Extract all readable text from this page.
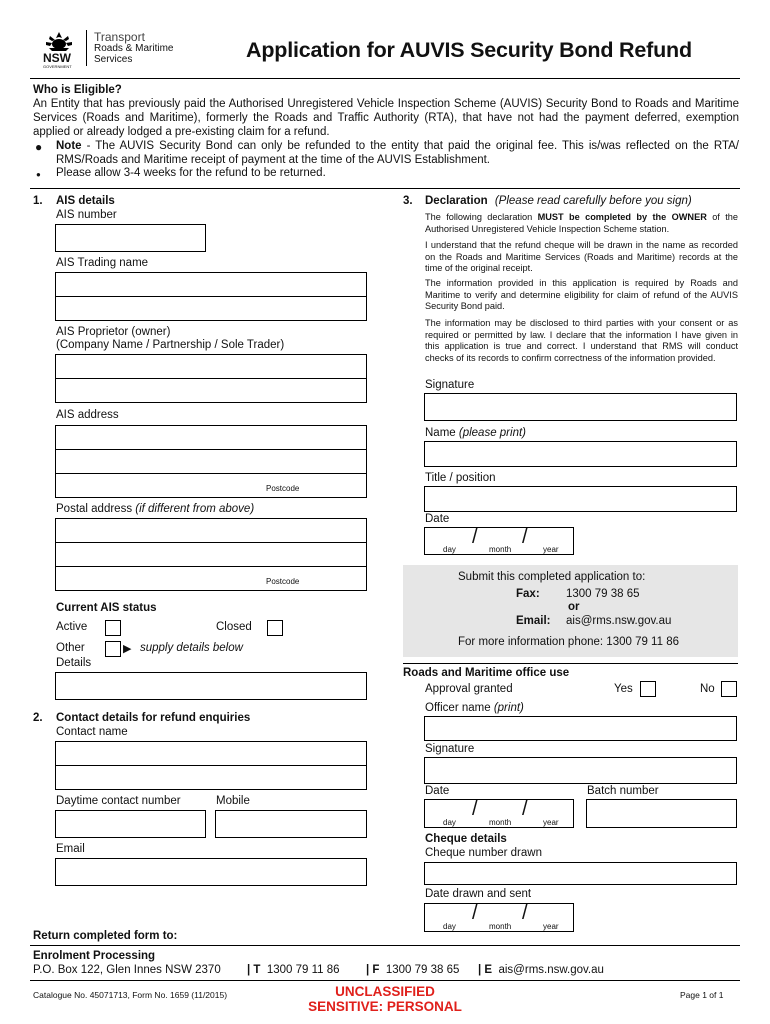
NSW
GOVERNMENT
Transport
Roads & Maritime
Services	Application for AUVIS Security Bond Refund
Who is Eligible?
An Entity that has previously paid the Authorised Unregistered Vehicle Inspection Scheme (AUVIS) Security Bond to Roads and Maritime Services (Roads and Maritime), formerly the Roads and Traffic Authority (RTA), that have not had the payment deferred, exemption applied or already lodged a pre-existing claim for a refund.
● Note - The AUVIS Security Bond can only be refunded to the entity that paid the original fee. This is/was reflected on the RTA/ RMS/Roads and Maritime receipt of payment at the time of the AUVIS Establishment.
● Please allow 3-4 weeks for the refund to be returned.
1. AIS details
AIS number
AIS Trading name
AIS Proprietor (owner)
(Company Name / Partnership / Sole Trader)
AIS address
Postcode
Postal address (if different from above)
Postcode
Current AIS status
Active	Closed
Other	▶ supply details below
Details
2. Contact details for refund enquiries
Contact name
Daytime contact number	Mobile
Email
3. Declaration (Please read carefully before you sign)
The following declaration MUST be completed by the OWNER of the Authorised Unregistered Vehicle Inspection Scheme station.
I understand that the refund cheque will be drawn in the name as recorded on the Roads and Maritime Services (Roads and Maritime) records at the time of the original receipt.
The information provided in this application is required by Roads and Maritime to verify and determine eligibility for claim of refund of the AUVIS Security Bond paid.
The information may be disclosed to third parties with your consent or as required or permitted by law. I declare that the information I have given in this application is true and correct. I understand that RMS will conduct checks of its records to confirm correctness of the information provided.
Signature
Name (please print)
Title / position
Date
/ /
day	month	year
Submit this completed application to:
Fax: 1300 79 38 65
or
Email: ais@rms.nsw.gov.au
For more information phone: 1300 79 11 86
Roads and Maritime office use
Approval granted	Yes	No
Officer name (print)
Signature
Date	Batch number
/ /
day	month	year
Cheque details
Cheque number drawn
Date drawn and sent
/ /
day	month	year
Return completed form to:
Enrolment Processing
P.O. Box 122, Glen Innes NSW 2370 | T 1300 79 11 86 | F 1300 79 38 65 | E ais@rms.nsw.gov.au
Catalogue No. 45071713, Form No. 1659 (11/2015)	UNCLASSIFIED
SENSITIVE: PERSONAL
Page 1 of 1
